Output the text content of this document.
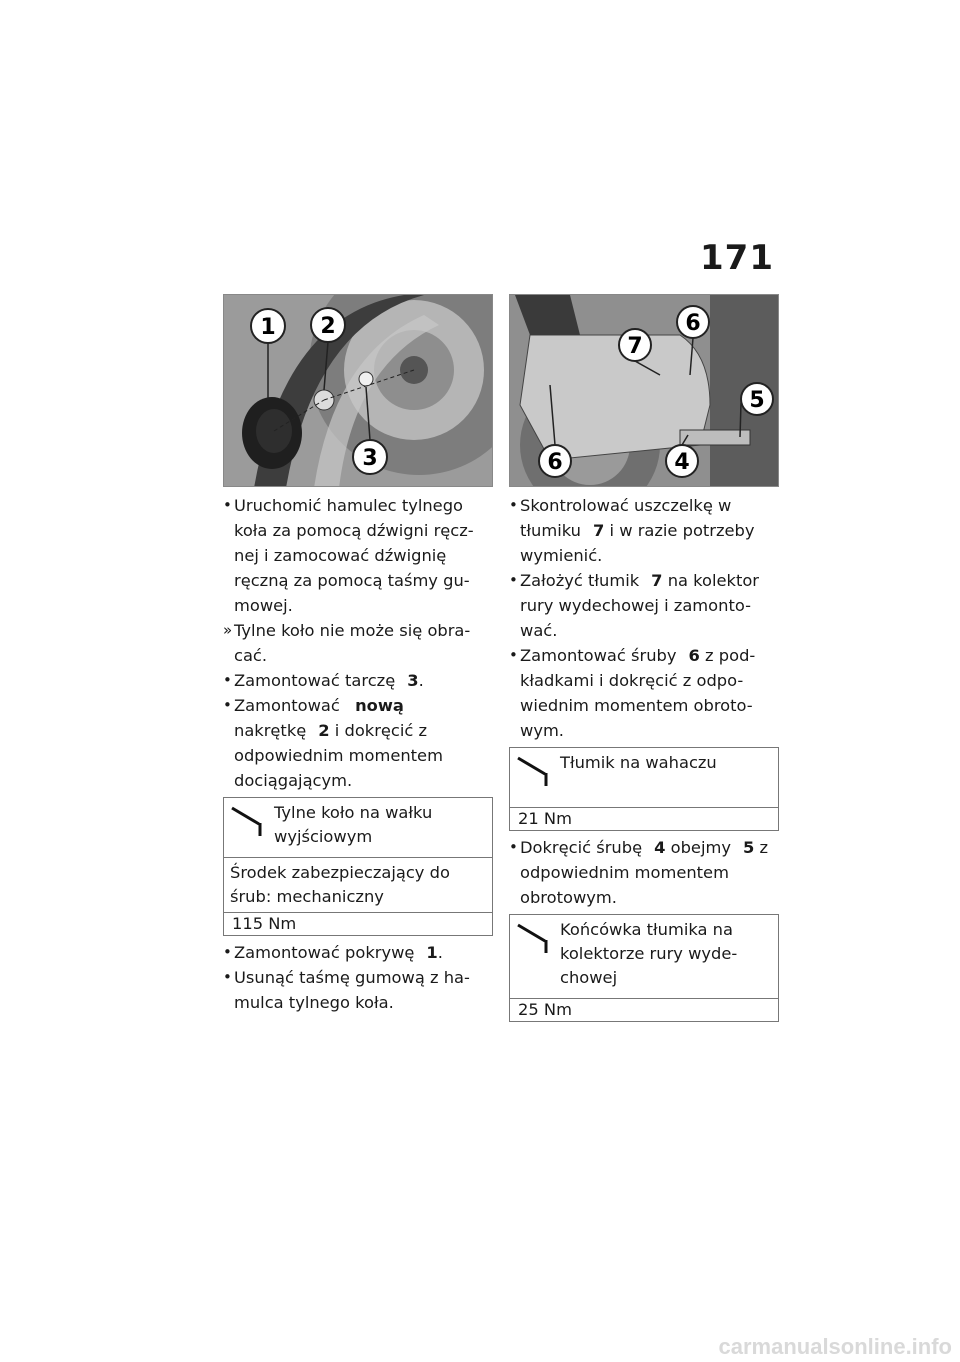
171
1 2
3

• Uruchomić hamulec tylnego koła za pomocą dźwigni ręcz-nej i zamocować dźwignię ręczną za pomocą taśmy gu-mowej.

» Tylne koło nie może się obra-cać.

• Zamontować tarczę 3.

• Zamontować nową
nakrętkę 2 i dokręcić z odpowiednim momentem dociągającym.

Tylne koło na wałku wyjściowym
Środek zabezpieczający do śrub: mechaniczny
115 Nm

• Zamontować pokrywę 1.

• Usunąć taśmę gumową z ha-mulca tylnego koła.

7
6
5
6	4

• Skontrolować uszczelkę w tłumiku 7 i w razie potrzeby wymienić.

• Założyć tłumik 7 na kolektor rury wydechowej i zamonto-wać.

• Zamontować śruby 6 z pod-kładkami i dokręcić z odpo-wiednim momentem obroto-wym.

Tłumik na wahaczu
21 Nm

• Dokręcić śrubę 4 obejmy 5 z odpowiednim momentem obrotowym.

Końcówka tłumika na kolektorze rury wyde-chowej
25 Nm
carmanualsonline.info
